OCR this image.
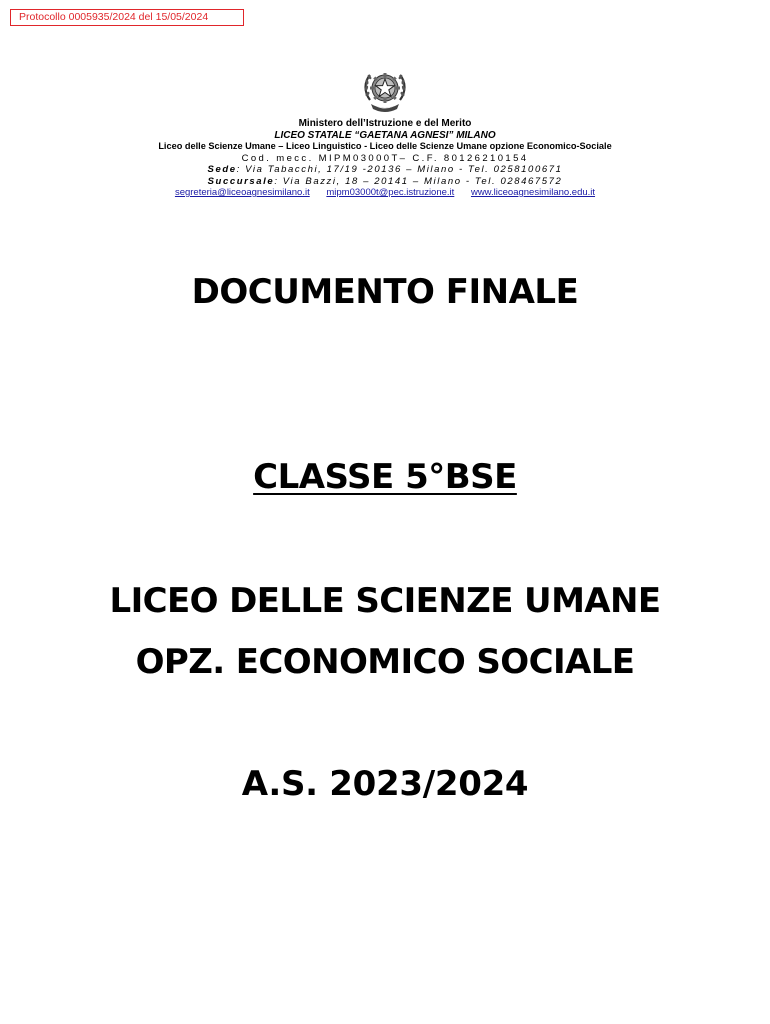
Protocollo 0005935/2024 del 15/05/2024
Ministero dell’Istruzione e del Merito
LICEO STATALE “GAETANA AGNESI” MILANO
Liceo delle Scienze Umane – Liceo Linguistico - Liceo delle Scienze Umane opzione Economico-Sociale
Cod. mecc. MIPM03000T– C.F. 80126210154
Sede: Via Tabacchi, 17/19 -20136 – Milano - Tel. 0258100671
Succursale: Via Bazzi, 18 – 20141 – Milano - Tel. 028467572
segreteria@liceoagnesimilano.it mipm03000t@pec.istruzione.it www.liceoagnesimilano.edu.it
DOCUMENTO FINALE
CLASSE 5°BSE
LICEO DELLE SCIENZE UMANE
OPZ. ECONOMICO SOCIALE
A.S. 2023/2024
